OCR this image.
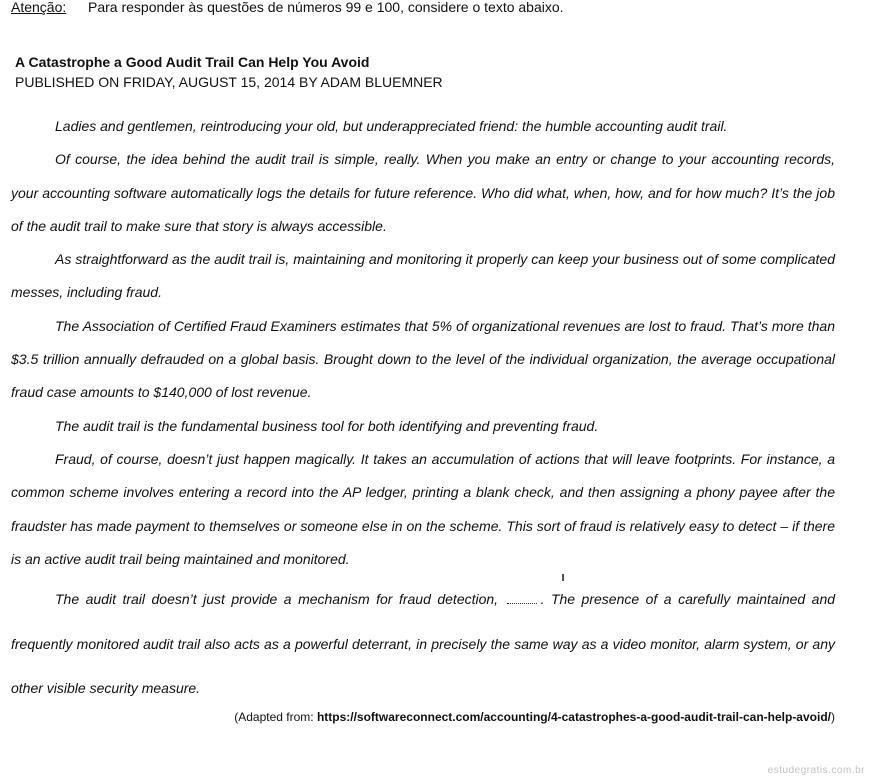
Atenção: Para responder às questões de números 99 e 100, considere o texto abaixo.
A Catastrophe a Good Audit Trail Can Help You Avoid
PUBLISHED ON FRIDAY, AUGUST 15, 2014 BY ADAM BLUEMNER

Ladies and gentlemen, reintroducing your old, but underappreciated friend: the humble accounting audit trail.

Of course, the idea behind the audit trail is simple, really. When you make an entry or change to your accounting records, your accounting software automatically logs the details for future reference. Who did what, when, how, and for how much? It’s the job of the audit trail to make sure that story is always accessible.

As straightforward as the audit trail is, maintaining and monitoring it properly can keep your business out of some complicated messes, including fraud.

The Association of Certified Fraud Examiners estimates that 5% of organizational revenues are lost to fraud. That’s more than $3.5 trillion annually defrauded on a global basis. Brought down to the level of the individual organization, the average occupational fraud case amounts to $140,000 of lost revenue.

The audit trail is the fundamental business tool for both identifying and preventing fraud.

Fraud, of course, doesn’t just happen magically. It takes an accumulation of actions that will leave footprints. For instance, a common scheme involves entering a record into the AP ledger, printing a blank check, and then assigning a phony payee after the fraudster has made payment to themselves or someone else in on the scheme. This sort of fraud is relatively easy to detect – if there is an active audit trail being maintained and monitored.

The audit trail doesn’t just provide a mechanism for fraud detection,
I
. The presence of a carefully maintained and frequently monitored audit trail also acts as a powerful deterrant, in precisely the same way as a video monitor, alarm system, or any other visible security measure.

(Adapted from: https://softwareconnect.com/accounting/4-catastrophes-a-good-audit-trail-can-help-avoid/)
estudegratis.com.br
